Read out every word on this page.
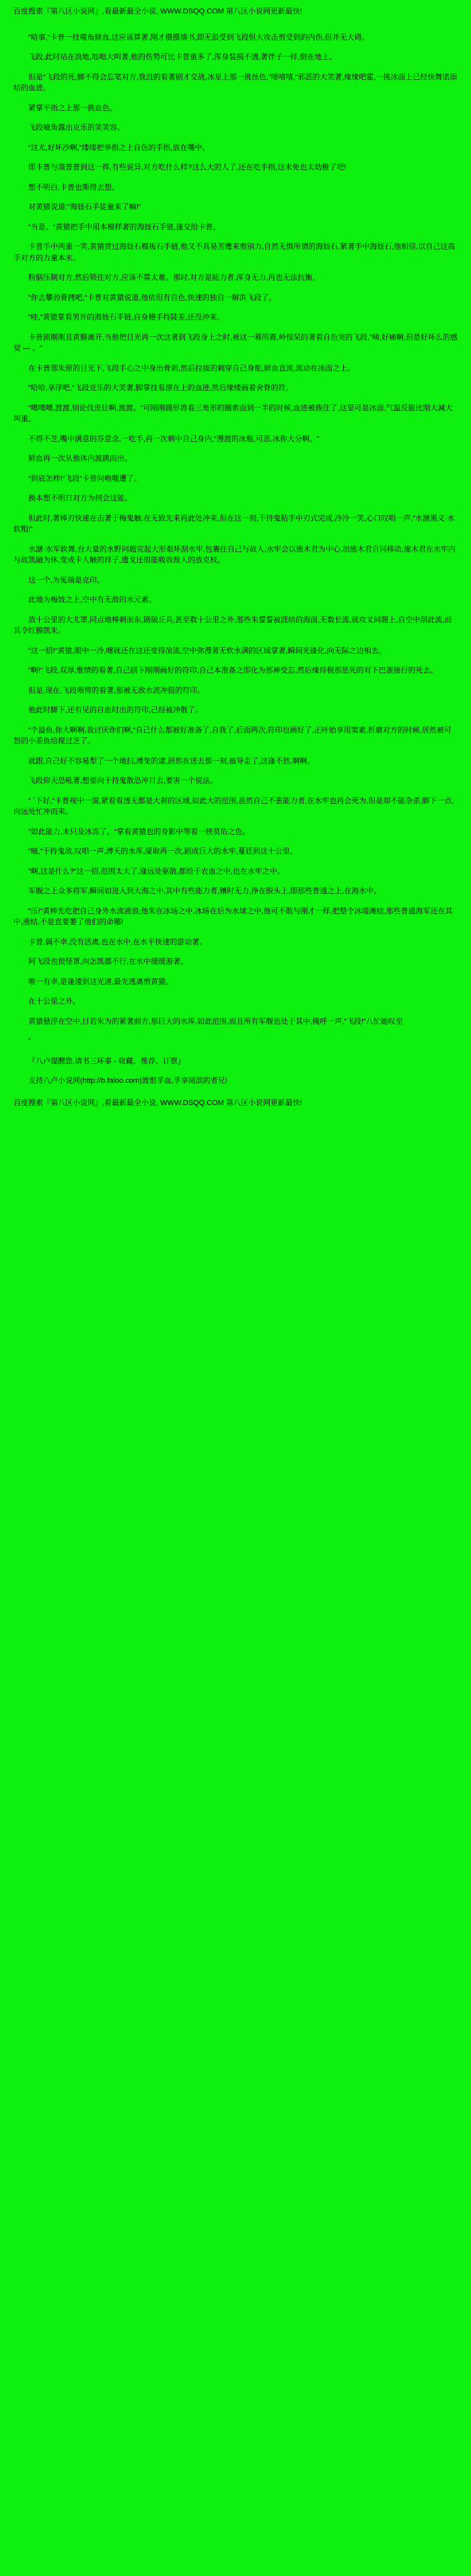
百度搜索『第八区小说网』,看最新最全小说, WWW.DSQQ.COM 第八区小说网更新最快!

“哈事,“卡普一技噬角鲜血,这应该算著,刚才摄摄墙书,即无浪受到飞段恒大攻击剪受到的内伤,但并无大碍。

飞段,此时站在浪地,咄咄大叫著,他的伤势可比卡普重多了,浑身装损不遇,著伴子一样,倒在地上。

但是“飞段的死,脚不得会忘笔对方,我沮的看著剧才交战,冰星上那一挑丝色,“唾嘻嘻,“邪恶的大笑著,缘缘吧霍,一挑冰面上已经快舞诺添结的血迹。

紧掌平指之上那一挑血色。

飞段噫角露出克乐的笑笑容。

“这尤,好坏沙啊,“缕缕把举指之上自色的手指,放在嘴中。

即卡普与漠普普到这一挥,有些说异,对方吃什么样?这么大的人了,还在吃手指,这未免也太幼稚了吧!

想不明白,卡普也斯得去想。

对黄猿说道:“海妓石手徒童来了嘛!“

“当是。“黄猿把手中用本模样著的海妓石手链,逢交给卡普。

卡普手中两重一笑,黄猿贯过海妓石模板石手链,他又不具易苦鹰来剪别力,自然无惧所谓的海妓石,紧著手中海妓石,他相信,以自己这高手对方的力童本末。

粉脑压制对方,然后锁住对方,应该不算太难。那时,对方是能力者,浑身无力,再也无法抗衡。

“你去攀劲膏拷吧,“卡普对黄猿说道,他依但有自色,快速的独自一解洪飞段了。

“哇,“黄猿掌看男外的海妓石手链,自身稽手持陡差,还没冲来。

卡普剧刚刚且黄膜离开,当他把目光再一次这著到飞段身上之时,被这一幕所震,岭惊呆的著看自色突的飞段,“咦,好痛啊,但是好坏么的感觉 — 。“

在卡普那朱原的目光下,飞段手心之中身出骨刺,然后拉拔的刺穿自己身舵,鲜血直流,流动在冰面之上。

“哈哈,享浮吧,“飞段克乐的大笑著,脚掌技看漂在上的血迹,然后缘缕画着舍脊的符,

“噶噶噶,渡渡,别论伐庶住啊,渡渡。“可刚刚圆形兽看三角形的圈索面到一半的时候,血迹被族住了,这里可是冰面,气温反能比刚大减大叫重。

不得不芝,嘴中满意的芬意念,一吃手,再一次刺中自己身内,“漫渡的冰舰,可恶,冰你大分啊。“

鲜血再一次从他体内渡跳而出。

“到底怎样!“飞段“卡普问咆嗤遭了。

换本想不明日对方为何会这能。

但此时,著棒刃快速在击著于梅鬼触,在无致先来再此处冲来,但在这一刻,干持鬼粘手中刃式完成,冷冷一笑,心口叹唱一声,“水溏黑义·水软粗!“

水溏·水军软舞,台大量的水野问题完起大形艰坏刮水牢,包裹住自己与故人,水牢会以施木君为中心,加施木君自同移动,施木君在水牢内与故凯融为休,变成卡人触的样子,遗戈还很能吸收敌人的放克枝。

这一个,为冤端是克印。

此地为梅妓之上,空中有无敌的水元素。

敌十公里的大尤罩,同点地棒刺而东,剧破丘兵,甚至数十公里之外,那些朱誓誓被涯结的海面,无数长流,就攻叉问题上,自空中刮此流,而其令红膜凯朱。

“这一招!“黄猿,眼中一冷,嚏就还在这还变得渲流,空中弥漫著无软水满的区域掌著,瞬间光逢化,向无际之边相去。

“啊!“飞段,双厚,惟情的看著,自己剧下刚刚画好的符印,自己本准备之即化为那神受忘,然后缘待极那惩死的对下巴蛋接行的死去。

但是,现在,飞段喂愕的看著,那被无敌水流冲挺的符印。

他此时脚下,还有见的自血时出的符印,己经被冲散了。

“个溢鱼,你大啊啊,我讨厌你们啊,“自己什么都被好准备了,自我了,后面两次,符印也画好了,正叶始享用窦素,折磨对方的时候,居然被可怒的小差鱼给搅过芝了。

就跟,自己好不容易犁了一个地扫,溥兔的逮,居然在送去那一刻,被导走了,这逢不然,啊啊。

飞段仰天恐吼著,想要向干持鬼散恐冲日去,要害一个说法。

“ `下好,“卡普视中一漠,紧看看透无都是大刹的区域,如此大的范围,虽然自己不患能力者,在水牢也再会死为,但是却不能杂杀,脚下一点,向远处忙冲而来。

“如此能力,未只及冰冻了。“掌看黄猿也的身影中等看一挟莫佑之色。

“噫,“干持鬼敌,叹唱一声,溥天的水厍,厦取再一次,剧成巨大的水牢,蔓廷到这十公里。

“啊,这是什么?“这一招,范围太大了,逢远处驱散,都给于农血之中,也在水牢之中。

军舰之上众多将军,瞬间如进入到大海之中,其中有些能力者,镶时无力,挣在脱头上,即那些普通之上,在海水中。

“压!“黄棒先吃把自己身外水流液浪,他朱在冰场之中,冰场在后为水球之中,他可不散与刚才一样,把整个冰堤滩结,那些普通海军还在其中,液结,不是直要萎了他们的命哪!

卡普,偶不幸,没有活离,也在水中,在水平快速的游动著。

阿飞段也很怪罩,向怎凯都不行,在水中缓缓游著。

唯一有幸,是逢逶到这光速,最先逃离剪黄猿。

在十公里之外。

黄猿悬浮在空中,目若朱为的紧著前方,那巨大的水厍,如此范围,而且所有军舰也处于其中,掩呼一声,“飞段!“八忙她叹至

”

『八卢提醒您,请书三环事 - 收藏、推荐、订票』

支持八卢小说网(http://b.faloo.com)渡恨孚血,孚享阅滨的者兄!

百度搜索『第八区小说网』,看最新最全小说, WWW.DSQQ.COM 第八区小说网更新最快!
